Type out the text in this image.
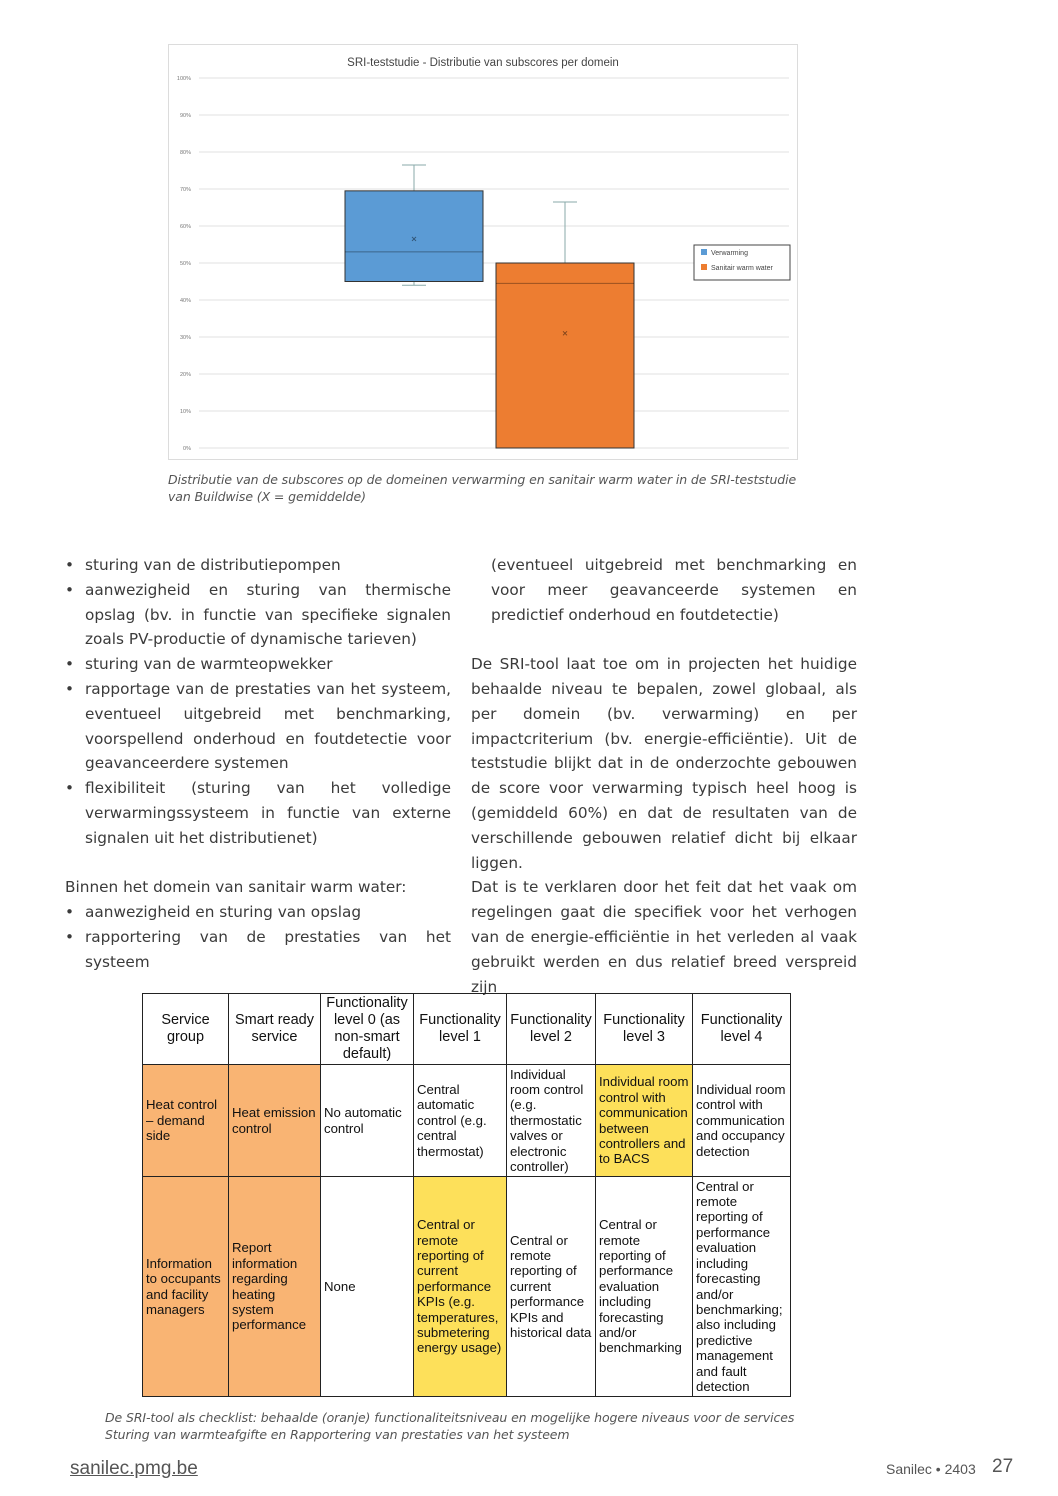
SRI-teststudie - Distributie van subscores per domein
0%
10%
20%
30%
40%
50%
60%
70%
80%
90%
100%
Verwarming
Sanitair warm water
Distributie van de subscores op de domeinen verwarming en sanitair warm water in de SRI-teststudie van Buildwise (X = gemiddelde)
• sturing van de distributiepompen
• aanwezigheid en sturing van thermische opslag (bv. in functie van specifieke signalen zoals PV-productie of dynamische tarieven)
• sturing van de warmteopwekker
• rapportage van de prestaties van het systeem, eventueel uitgebreid met benchmarking, voorspellend onderhoud en foutdetectie voor geavanceerdere systemen
• flexibiliteit (sturing van het volledige verwarmingssysteem in functie van externe signalen uit het distributienet)

Binnen het domein van sanitair warm water:

• aanwezigheid en sturing van opslag
• rapportering van de prestaties van het systeem

(eventueel uitgebreid met benchmarking en voor meer geavanceerde systemen en predictief onderhoud en foutdetectie)

De SRI-tool laat toe om in projecten het huidige behaalde niveau te bepalen, zowel globaal, als per domein (bv. verwarming) en per impactcriterium (bv. energie-efficiëntie). Uit de teststudie blijkt dat in de onderzochte gebouwen de score voor verwarming typisch heel hoog is (gemiddeld 60%) en dat de resultaten van de verschillende gebouwen relatief dicht bij elkaar liggen.

Dat is te verklaren door het feit dat het vaak om regelingen gaat die specifiek voor het verhogen van de energie-efficiëntie in het verleden al vaak gebruikt werden en dus relatief breed verspreid zijn

Service group	Smart ready service	Functionality level 0 (as non-smart default)	Functionality level 1	Functionality level 2	Functionality level 3	Functionality level 4
Heat control – demand side	Heat emission control	No automatic control	Central automatic control (e.g. central thermostat)	Individual room control (e.g. thermostatic valves or electronic controller)	Individual room control with communication between controllers and to BACS	Individual room control with communication and occupancy detection
Information to occupants and facility managers	Report information regarding heating system performance	None	Central or remote reporting of current performance KPIs (e.g. temperatures, submetering energy usage)	Central or remote reporting of current performance KPIs and historical data	Central or remote reporting of performance evaluation including forecasting and/or benchmarking	Central or remote reporting of performance evaluation including forecasting and/or benchmarking; also including predictive management and fault detection
De SRI-tool als checklist: behaalde (oranje) functionaliteitsniveau en mogelijke hogere niveaus voor de services Sturing van warmteafgifte en Rapportering van prestaties van het systeem
sanilec.pmg.be	Sanilec • 2403 27
